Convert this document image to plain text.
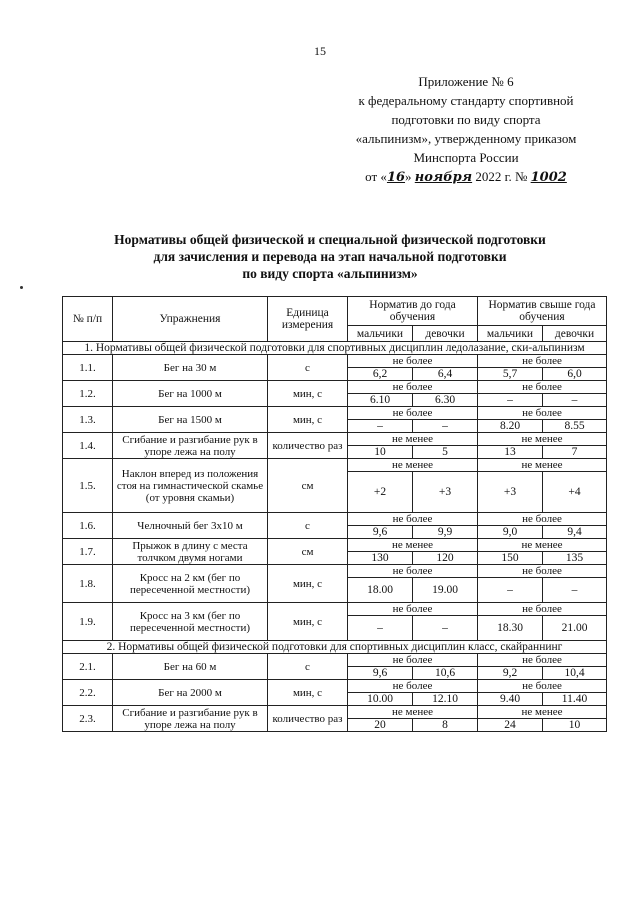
15
Приложение № 6
к федеральному стандарту спортивной
подготовки по виду спорта
«альпинизм», утвержденному приказом
Минспорта России
от «16» ноября 2022 г. № 1002
Нормативы общей физической и специальной физической подготовки
для зачисления и перевода на этап начальной подготовки
по виду спорта «альпинизм»
№ п/п	Упражнения	Единица измерения	Норматив до года обучения		Норматив свыше года обучения	
			мальчики	девочки	мальчики	девочки
1. Нормативы общей физической подготовки для спортивных дисциплин ледолазание, ски-альпинизм						
1.1.	Бег на 30 м	с	не более		не более	
			6,2	6,4	5,7	6,0
1.2.	Бег на 1000 м	мин, с	не более		не более	
			6.10	6.30	–	–
1.3.	Бег на 1500 м	мин, с	не более		не более	
			–	–	8.20	8.55
1.4.	Сгибание и разгибание рук в упоре лежа на полу	количество раз	не менее		не менее	
			10	5	13	7
1.5.	Наклон вперед из положения стоя на гимнастической скамье (от уровня скамьи)	см	не менее		не менее	
			+2	+3	+3	+4
1.6.	Челночный бег 3х10 м	с	не более		не более	
			9,6	9,9	9,0	9,4
1.7.	Прыжок в длину с места толчком двумя ногами	см	не менее		не менее	
			130	120	150	135
1.8.	Кросс на 2 км (бег по пересеченной местности)	мин, с	не более		не более	
			18.00	19.00	–	–
1.9.	Кросс на 3 км (бег по пересеченной местности)	мин, с	не более		не более	
			–	–	18.30	21.00
2. Нормативы общей физической подготовки для спортивных дисциплин класс, скайраннинг						
2.1.	Бег на 60 м	с	не более		не более	
			9,6	10,6	9,2	10,4
2.2.	Бег на 2000 м	мин, с	не более		не более	
			10.00	12.10	9.40	11.40
2.3.	Сгибание и разгибание рук в упоре лежа на полу	количество раз	не менее		не менее	
			20	8	24	10
